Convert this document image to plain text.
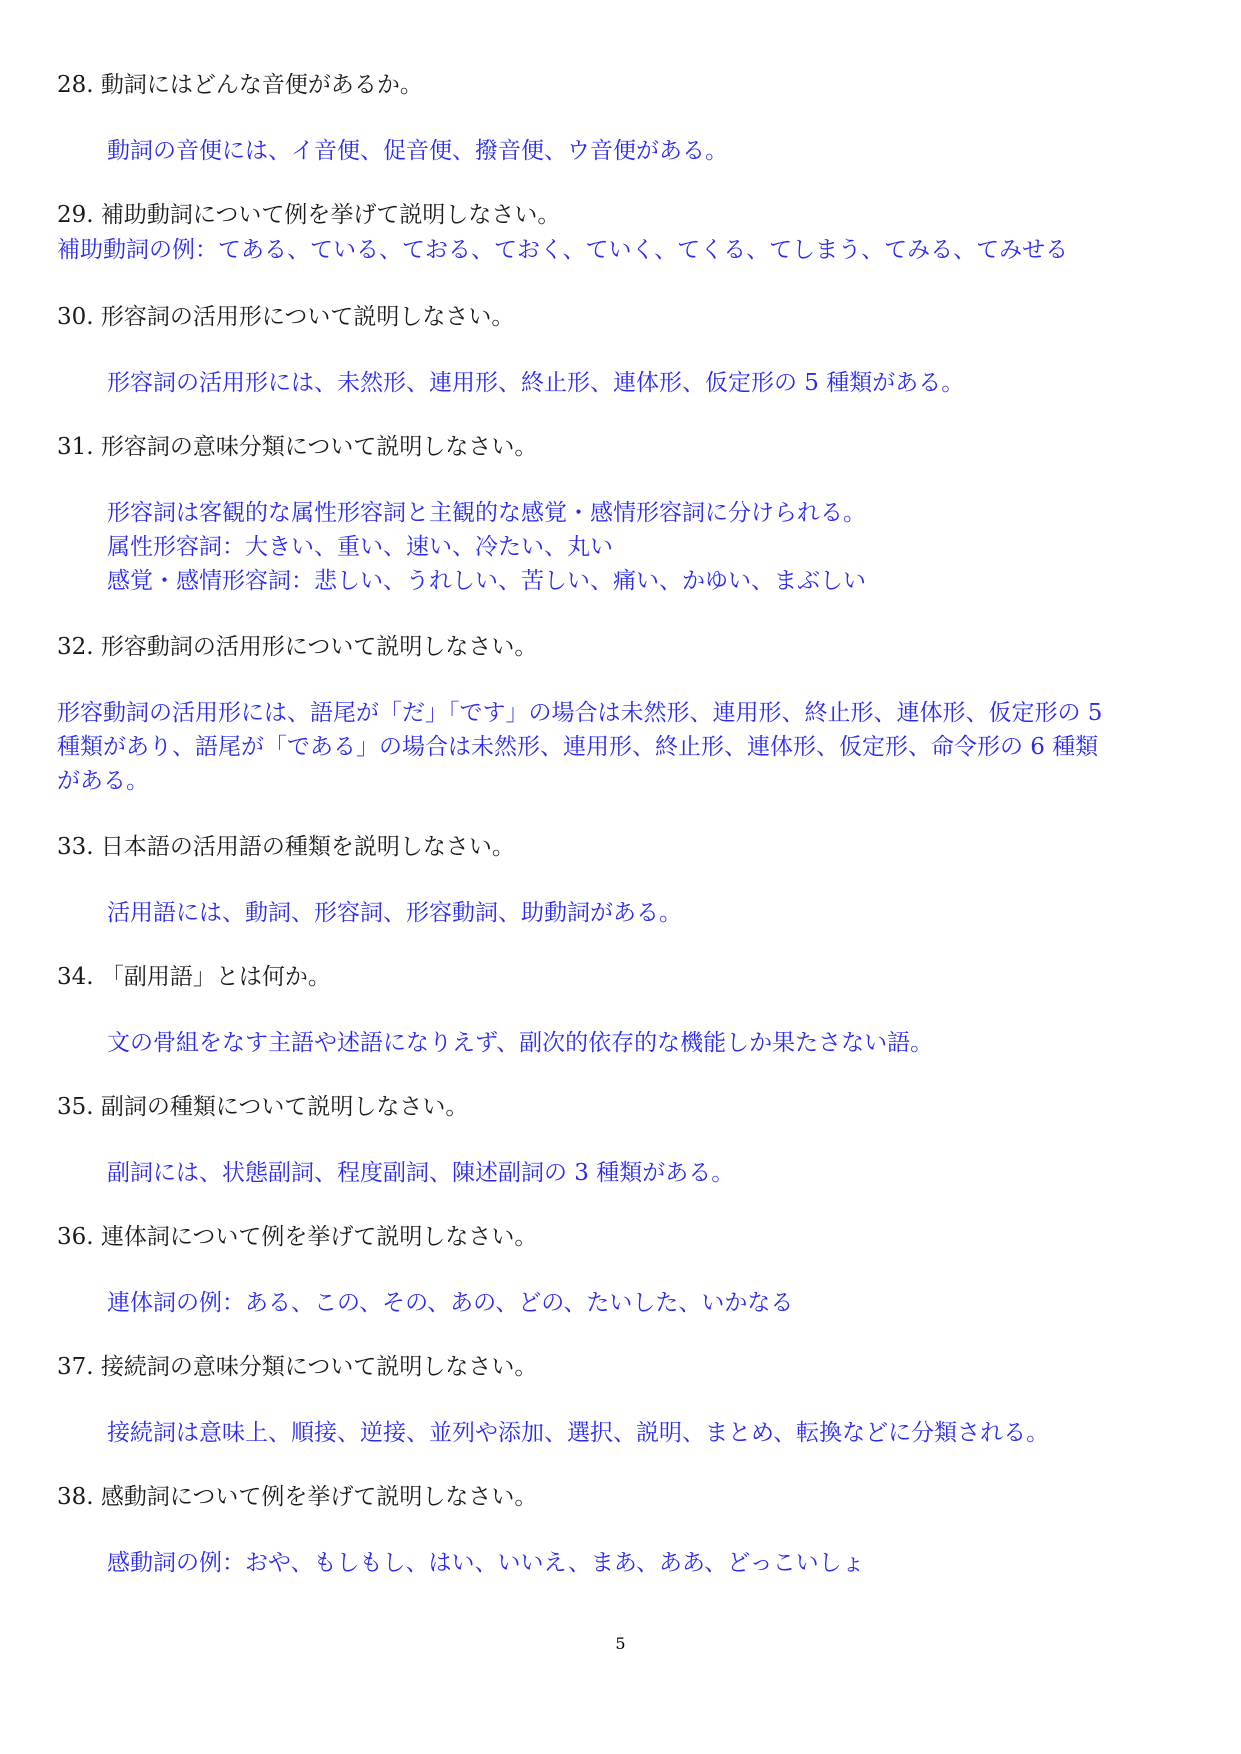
28. 動詞にはどんな音便があるか。
動詞の音便には、イ音便、促音便、撥音便、ウ音便がある。
29. 補助動詞について例を挙げて説明しなさい。
補助動詞の例：てある、ている、ておる、ておく、ていく、てくる、てしまう、てみる、てみせる
30. 形容詞の活用形について説明しなさい。
形容詞の活用形には、未然形、連用形、終止形、連体形、仮定形の 5 種類がある。
31. 形容詞の意味分類について説明しなさい。
形容詞は客観的な属性形容詞と主観的な感覚・感情形容詞に分けられる。
属性形容詞：大きい、重い、速い、冷たい、丸い
感覚・感情形容詞：悲しい、うれしい、苦しい、痛い、かゆい、まぶしい
32. 形容動詞の活用形について説明しなさい。
形容動詞の活用形には、語尾が「だ」「です」の場合は未然形、連用形、終止形、連体形、仮定形の 5
種類があり、語尾が「である」の場合は未然形、連用形、終止形、連体形、仮定形、命令形の 6 種類
がある。
33. 日本語の活用語の種類を説明しなさい。
活用語には、動詞、形容詞、形容動詞、助動詞がある。
34. 「副用語」とは何か。
文の骨組をなす主語や述語になりえず、副次的依存的な機能しか果たさない語。
35. 副詞の種類について説明しなさい。
副詞には、状態副詞、程度副詞、陳述副詞の 3 種類がある。
36. 連体詞について例を挙げて説明しなさい。
連体詞の例：ある、この、その、あの、どの、たいした、いかなる
37. 接続詞の意味分類について説明しなさい。
接続詞は意味上、順接、逆接、並列や添加、選択、説明、まとめ、転換などに分類される。
38. 感動詞について例を挙げて説明しなさい。
感動詞の例：おや、もしもし、はい、いいえ、まあ、ああ、どっこいしょ
5
